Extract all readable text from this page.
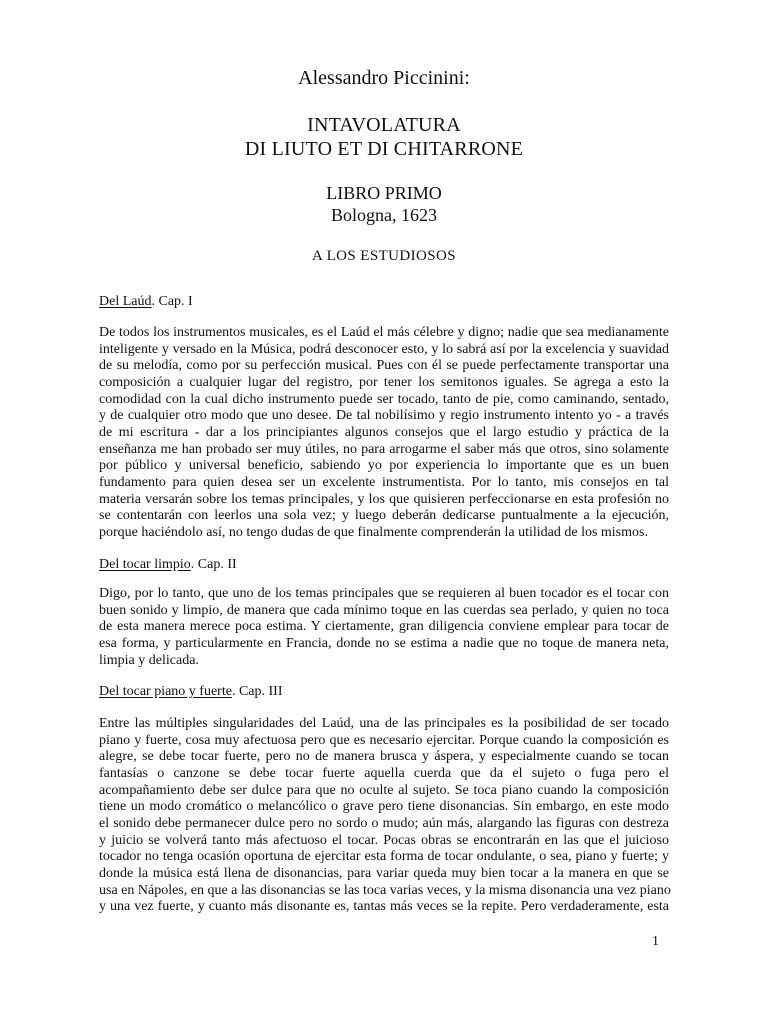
Alessandro Piccinini:
INTAVOLATURA
DI LIUTO ET DI CHITARRONE
LIBRO PRIMO
Bologna, 1623
A LOS ESTUDIOSOS
Del Laúd. Cap. I
De todos los instrumentos musicales, es el Laúd el más célebre y digno; nadie que sea medianamente
inteligente y versado en la Música, podrá desconocer esto, y lo sabrá así por la excelencia y suavidad
de su melodía, como por su perfección musical. Pues con él se puede perfectamente transportar una
composición a cualquier lugar del registro, por tener los semitonos iguales. Se agrega a esto la
comodidad con la cual dicho instrumento puede ser tocado, tanto de pie, como caminando, sentado,
y de cualquier otro modo que uno desee. De tal nobilísimo y regio instrumento intento yo - a través
de mi escritura - dar a los principiantes algunos consejos que el largo estudio y práctica de la
enseñanza me han probado ser muy útiles, no para arrogarme el saber más que otros, sino solamente
por público y universal beneficio, sabiendo yo por experiencia lo importante que es un buen
fundamento para quien desea ser un excelente instrumentista. Por lo tanto, mis consejos en tal
materia versarán sobre los temas principales, y los que quisieren perfeccionarse en esta profesión no
se contentarán con leerlos una sola vez; y luego deberán dedicarse puntualmente a la ejecución,
porque haciéndolo así, no tengo dudas de que finalmente comprenderán la utilidad de los mismos.
Del tocar limpio. Cap. II
Digo, por lo tanto, que uno de los temas principales que se requieren al buen tocador es el tocar con
buen sonido y limpio, de manera que cada mínimo toque en las cuerdas sea perlado, y quien no toca
de esta manera merece poca estima. Y ciertamente, gran diligencia conviene emplear para tocar de
esa forma, y particularmente en Francia, donde no se estima a nadie que no toque de manera neta,
limpia y delicada.
Del tocar piano y fuerte. Cap. III
Entre las múltiples singularidades del Laúd, una de las principales es la posibilidad de ser tocado
piano y fuerte, cosa muy afectuosa pero que es necesario ejercitar. Porque cuando la composición es
alegre, se debe tocar fuerte, pero no de manera brusca y áspera, y especialmente cuando se tocan
fantasías o canzone se debe tocar fuerte aquella cuerda que da el sujeto o fuga pero el
acompañamiento debe ser dulce para que no oculte al sujeto. Se toca piano cuando la composición
tiene un modo cromático o melancólico o grave pero tiene disonancias. Sin embargo, en este modo
el sonido debe permanecer dulce pero no sordo o mudo; aún más, alargando las figuras con destreza
y juicio se volverá tanto más afectuoso el tocar. Pocas obras se encontrarán en las que el juicioso
tocador no tenga ocasión oportuna de ejercitar esta forma de tocar ondulante, o sea, piano y fuerte; y
donde la música está llena de disonancias, para variar queda muy bien tocar a la manera en que se
usa en Nápoles, en que a las disonancias se las toca varias veces, y la misma disonancia una vez piano
y una vez fuerte, y cuanto más disonante es, tantas más veces se la repite. Pero verdaderamente, esta
1
